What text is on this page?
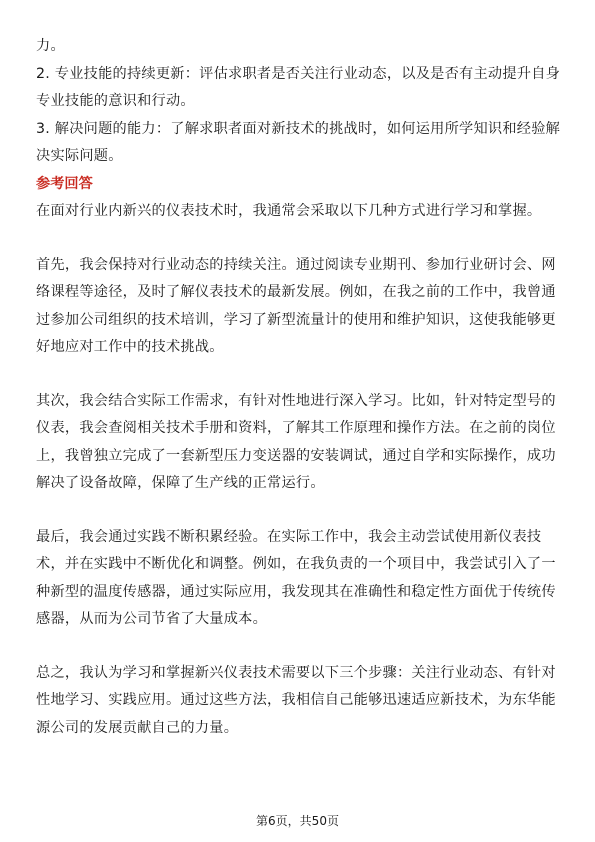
力。
2. 专业技能的持续更新：评估求职者是否关注行业动态，以及是否有主动提升自身
专业技能的意识和行动。
3. 解决问题的能力：了解求职者面对新技术的挑战时，如何运用所学知识和经验解
决实际问题。
参考回答
在面对行业内新兴的仪表技术时，我通常会采取以下几种方式进行学习和掌握。
首先，我会保持对行业动态的持续关注。通过阅读专业期刊、参加行业研讨会、网
络课程等途径，及时了解仪表技术的最新发展。例如，在我之前的工作中，我曾通
过参加公司组织的技术培训，学习了新型流量计的使用和维护知识，这使我能够更
好地应对工作中的技术挑战。
其次，我会结合实际工作需求，有针对性地进行深入学习。比如，针对特定型号的
仪表，我会查阅相关技术手册和资料，了解其工作原理和操作方法。在之前的岗位
上，我曾独立完成了一套新型压力变送器的安装调试，通过自学和实际操作，成功
解决了设备故障，保障了生产线的正常运行。
最后，我会通过实践不断积累经验。在实际工作中，我会主动尝试使用新仪表技
术，并在实践中不断优化和调整。例如，在我负责的一个项目中，我尝试引入了一
种新型的温度传感器，通过实际应用，我发现其在准确性和稳定性方面优于传统传
感器，从而为公司节省了大量成本。
总之，我认为学习和掌握新兴仪表技术需要以下三个步骤：关注行业动态、有针对
性地学习、实践应用。通过这些方法，我相信自己能够迅速适应新技术，为东华能
源公司的发展贡献自己的力量。
第6页，共50页
